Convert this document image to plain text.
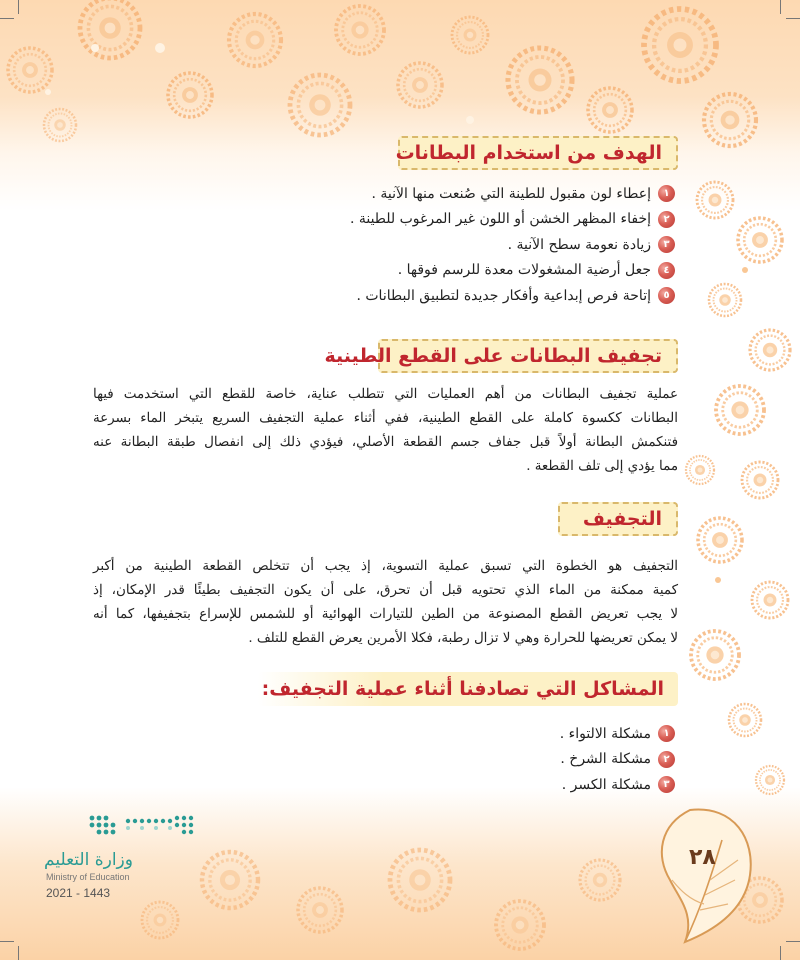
الهدف من استخدام البطانات
١
إعطاء لون مقبول للطينة التي صُنعت منها الآنية .
٢
إخفاء المظهر الخشن أو اللون غير المرغوب للطينة .
٣
زيادة نعومة سطح الآنية .
٤
جعل أرضية المشغولات معدة للرسم فوقها .
٥
إتاحة فرص إبداعية وأفكار جديدة لتطبيق البطانات .
تجفيف البطانات على القطع الطينية
عملية تجفيف البطانات من أهم العمليات التي تتطلب عناية، خاصة للقطع التي استخدمت فيها
البطانات ككسوة كاملة على القطع الطينية، ففي أثناء عملية التجفيف السريع يتبخر الماء بسرعة
فتنكمش البطانة أولاً قبل جفاف جسم القطعة الأصلي، فيؤدي ذلك إلى انفصال طبقة البطانة عنه
مما يؤدي إلى تلف القطعة .
التجفيف
التجفيف هو الخطوة التي تسبق عملية التسوية، إذ يجب أن تتخلص القطعة الطينية من أكبر
كمية ممكنة من الماء الذي تحتويه قبل أن تحرق، على أن يكون التجفيف بطيئًا قدر الإمكان، إذ
لا يجب تعريض القطع المصنوعة من الطين للتيارات الهوائية أو للشمس للإسراع بتجفيفها، كما أنه
لا يمكن تعريضها للحرارة وهي لا تزال رطبة، فكلا الأمرين يعرض القطع للتلف .
المشاكل التي تصادفنا أثناء عملية التجفيف:
١
مشكلة الالتواء .
٢
مشكلة الشرخ .
٣
مشكلة الكسر .
وزارة التعليم
Ministry of Education
2021 - 1443
٢٨
